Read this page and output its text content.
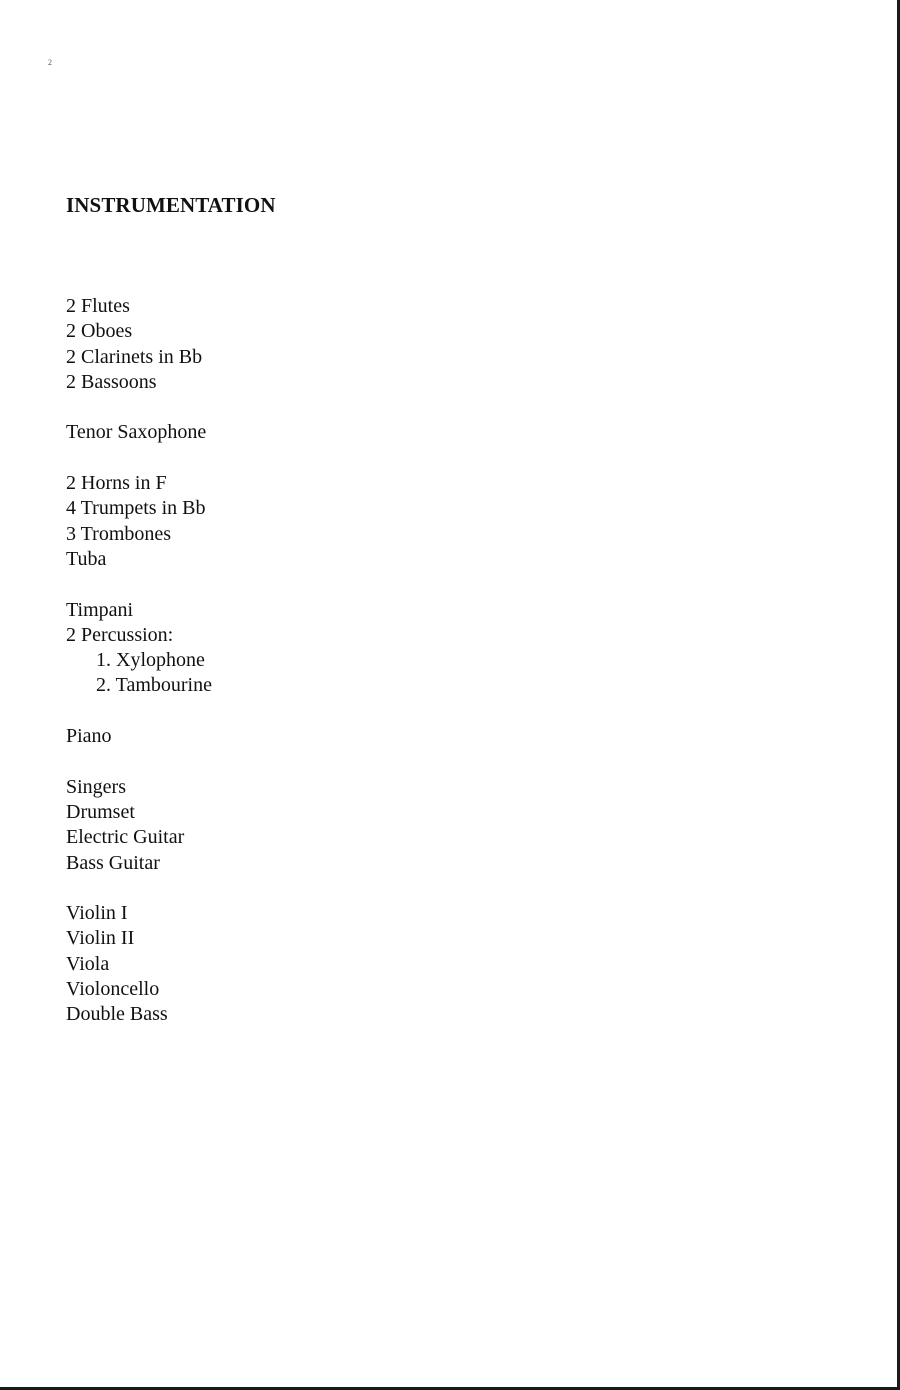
2
INSTRUMENTATION
2 Flutes
2 Oboes
2 Clarinets in Bb
2 Bassoons
Tenor Saxophone
2 Horns in F
4 Trumpets in Bb
3 Trombones
Tuba
Timpani
2 Percussion:
1. Xylophone
2. Tambourine
Piano
Singers
Drumset
Electric Guitar
Bass Guitar
Violin I
Violin II
Viola
Violoncello
Double Bass
